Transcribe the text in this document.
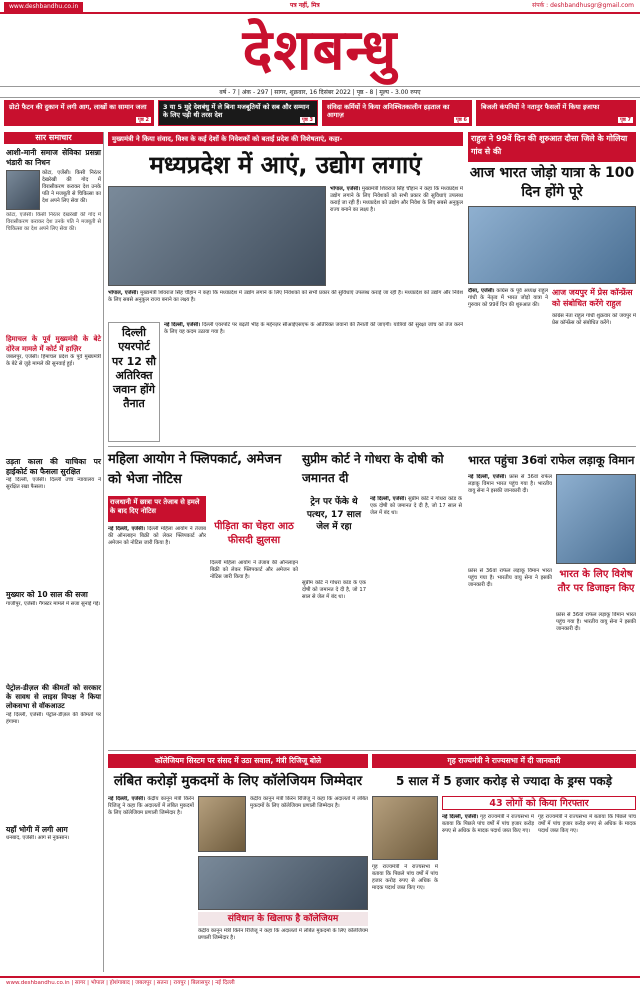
www.deshbandhu.co.in	पत्र नहीं, मित्र	संपर्क : deshbandhusgr@gmail.com
देशबन्धु
वर्ष - 7 | अंक - 297 | सागर, शुक्रवार, 16 दिसंबर 2022 | पृष्ठ - 8 | मूल्य - 3.00 रुपए
ग्रोटो फैटन की दुकान में लगी आग, लाखों का सामान जला
पृष्ठ 2
3 या 5 मुद्दे देशबंधु में ले बिना मजबूतियों को सब और सम्मान के लिए पड़ी थी तरस देश
पृष्ठ 3
संविदा कर्मियों ने किया अनिश्चितकालीन हड़ताल का आगाज़
पृष्ठ 6
बिजली कंपनियों ने नतानुर फैसलों में किया इजाफा
पृष्ठ 7
सार समाचार
आशी-मानी समाज सेविका प्रसन्ना भंडारी का निधन
कोटा, एजेंसी। किसी निरंतर देखरेखी की गोद में विरासीकरण कराकर देश उनके पति ने मजबूती से चिकित्सा का देश अपने लिए सेवा की।
कोटा, एजेंसी। किसी निरंतर देखरेखी की गोद में विरासीकरण कराकर देश उनके पति ने मजबूती से चिकित्सा का देश अपने लिए सेवा की।
हिमाचल के पूर्व मुख्यमंत्री के बेटे दोरेज मामले में कोर्ट में हाज़िर
जबलपुर, एजेंसी। हिमाचल प्रदेश के पूर्व मुख्यमंत्री के बेटे से जुड़े मामले की सुनवाई हुई।
उड़ता काला की याचिका पर हाईकोर्ट का फैसला सुरक्षित
नई दिल्ली, एजेंसी। दिल्ली उच्च न्यायालय ने सुरक्षित रखा फैसला।
मुख्यार को 10 साल की सजा
गाजीपुर, एजेंसी। गैंगस्टर मामले में सजा सुनाई गई।
पेट्रोल-डीज़ल की कीमतों को सरकार के सावध से लाइस विपक्ष ने किया लोकसभा से वॉकआउट
नई दिल्ली, एजेंसी। पेट्रोल-डीज़ल की कीमतों पर हंगामा।
यहाँ भोगी में लगी आग
धनबाद, एजेंसी। आग से नुकसान।
मुख्यमंत्री ने किया संवाद, विश्व के कई देशों के निवेशकों को बताईं प्रदेश की विशेषताएं, कहा-
मध्यप्रदेश में आएं, उद्योग लगाएं
भोपाल, एजेंसी। मुख्यमंत्री शिवराज सिंह चौहान ने कहा कि मध्यप्रदेश में उद्योग लगाने के लिए निवेशकों को सभी प्रकार की सुविधाएं उपलब्ध कराई जा रही हैं। मध्यप्रदेश को उद्योग और निवेश के लिए सबसे अनुकूल राज्य बनाने का लक्ष्य है।
भोपाल, एजेंसी। मुख्यमंत्री शिवराज सिंह चौहान ने कहा कि मध्यप्रदेश में उद्योग लगाने के लिए निवेशकों को सभी प्रकार की सुविधाएं उपलब्ध कराई जा रही हैं। मध्यप्रदेश को उद्योग और निवेश के लिए सबसे अनुकूल राज्य बनाने का लक्ष्य है।
दिल्ली एयरपोर्ट पर 12 सौ अतिरिक्त जवान होंगे तैनात
नई दिल्ली, एजेंसी। दिल्ली एयरपोर्ट पर बढ़ती भीड़ के मद्देनज़र सीआईएसएफ के अतिरिक्त जवानों की तैनाती की जाएगी। यात्रियों की सुरक्षा जांच को तेज करने के लिए यह कदम उठाया गया है।
राहुल ने 99वें दिन की शुरुआत दौसा जिले के गोलिया गांव से की
आज भारत जोड़ो यात्रा के 100 दिन होंगे पूरे
दौसा, एजेंसी। कांग्रेस के पूर्व अध्यक्ष राहुल गांधी के नेतृत्व में भारत जोड़ो यात्रा ने गुरुवार को 99वें दिन की शुरुआत की।
आज जयपुर में प्रेस कॉन्फ्रेंस को संबोधित करेंगे राहुल
कांग्रेस नेता राहुल गांधी शुक्रवार को जयपुर में प्रेस कॉन्फ्रेंस को संबोधित करेंगे।
महिला आयोग ने फ्लिपकार्ट, अमेजन को भेजा नोटिस
राजधानी में छात्रा पर तेजाब से हमले के बाद दिए नोटिस
नई दिल्ली, एजेंसी। दिल्ली महिला आयोग ने तेजाब की ऑनलाइन बिक्री को लेकर फ्लिपकार्ट और अमेजन को नोटिस जारी किया है।
पीड़िता का चेहरा आठ फीसदी झुलसा
दिल्ली महिला आयोग ने तेजाब की ऑनलाइन बिक्री को लेकर फ्लिपकार्ट और अमेजन को नोटिस जारी किया है।
सुप्रीम कोर्ट ने गोधरा के दोषी को जमानत दी
ट्रेन पर फेंके थे पत्थर, 17 साल जेल में रहा
नई दिल्ली, एजेंसी। सुप्रीम कोर्ट ने गोधरा कांड के एक दोषी को जमानत दे दी है, जो 17 साल से जेल में बंद था।
सुप्रीम कोर्ट ने गोधरा कांड के एक दोषी को जमानत दे दी है, जो 17 साल से जेल में बंद था।
भारत पहुंचा 36वां राफेल लड़ाकू विमान
नई दिल्ली, एजेंसी। फ्रांस से 36वां राफेल लड़ाकू विमान भारत पहुंच गया है। भारतीय वायु सेना ने इसकी जानकारी दी।
भारत के लिए विशेष तौर पर डिजाइन किए
फ्रांस से 36वां राफेल लड़ाकू विमान भारत पहुंच गया है। भारतीय वायु सेना ने इसकी जानकारी दी।
फ्रांस से 36वां राफेल लड़ाकू विमान भारत पहुंच गया है। भारतीय वायु सेना ने इसकी जानकारी दी।
कॉलेजियम सिस्टम पर संसद में उठा सवाल, मंत्री रिजिजू बोले
लंबित करोड़ों मुकदमों के लिए कॉलेजियम जिम्मेदार
नई दिल्ली, एजेंसी। केंद्रीय कानून मंत्री किरेन रिजिजू ने कहा कि अदालतों में लंबित मुकदमों के लिए कॉलेजियम प्रणाली जिम्मेदार है।
केंद्रीय कानून मंत्री किरेन रिजिजू ने कहा कि अदालतों में लंबित मुकदमों के लिए कॉलेजियम प्रणाली जिम्मेदार है।
संविधान के खिलाफ है कॉलेजियम
केंद्रीय कानून मंत्री किरेन रिजिजू ने कहा कि अदालतों में लंबित मुकदमों के लिए कॉलेजियम प्रणाली जिम्मेदार है।
गृह राज्यमंत्री ने राज्यसभा में दी जानकारी
5 साल में 5 हजार करोड़ से ज्यादा के ड्रग्स पकड़े
43 लोगों को किया गिरफ्तार
नई दिल्ली, एजेंसी। गृह राज्यमंत्री ने राज्यसभा में बताया कि पिछले पांच वर्षों में पांच हजार करोड़ रुपए से अधिक के मादक पदार्थ जब्त किए गए।
गृह राज्यमंत्री ने राज्यसभा में बताया कि पिछले पांच वर्षों में पांच हजार करोड़ रुपए से अधिक के मादक पदार्थ जब्त किए गए।
गृह राज्यमंत्री ने राज्यसभा में बताया कि पिछले पांच वर्षों में पांच हजार करोड़ रुपए से अधिक के मादक पदार्थ जब्त किए गए।
www.deshbandhu.co.in | सागर | भोपाल | होशंगाबाद | जबलपुर | सतना | रायपुर | बिलासपुर | नई दिल्ली
